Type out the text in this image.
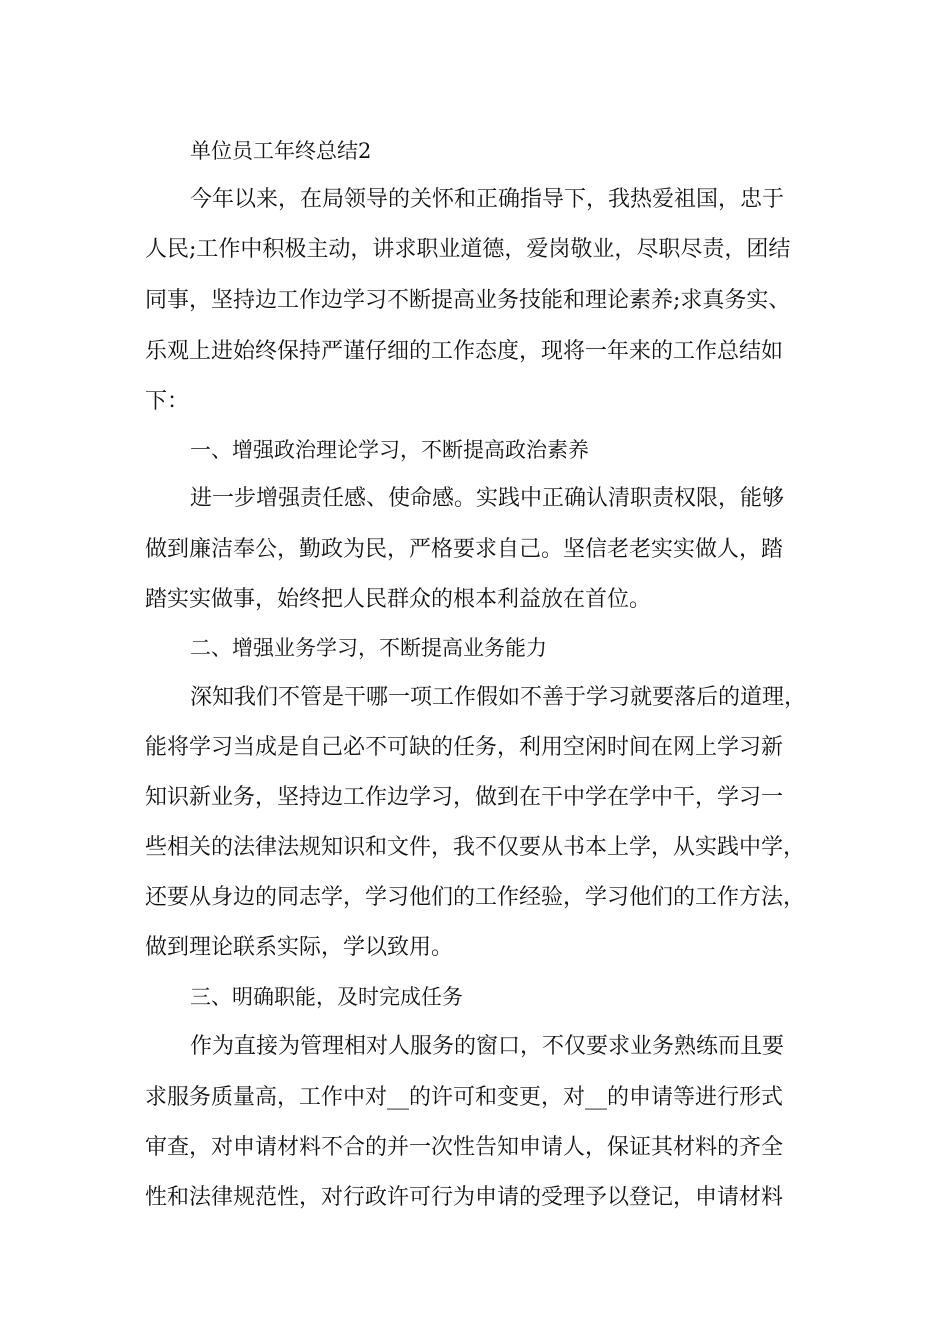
单位员工年终总结2
今年以来，在局领导的关怀和正确指导下，我热爱祖国，忠于
人民;工作中积极主动，讲求职业道德，爱岗敬业，尽职尽责，团结
同事，坚持边工作边学习不断提高业务技能和理论素养;求真务实、
乐观上进始终保持严谨仔细的工作态度，现将一年来的工作总结如
下：
一、增强政治理论学习，不断提高政治素养
进一步增强责任感、使命感。实践中正确认清职责权限，能够
做到廉洁奉公，勤政为民，严格要求自己。坚信老老实实做人，踏
踏实实做事，始终把人民群众的根本利益放在首位。
二、增强业务学习，不断提高业务能力
深知我们不管是干哪一项工作假如不善于学习就要落后的道理，
能将学习当成是自己必不可缺的任务，利用空闲时间在网上学习新
知识新业务，坚持边工作边学习，做到在干中学在学中干，学习一
些相关的法律法规知识和文件，我不仅要从书本上学，从实践中学，
还要从身边的同志学，学习他们的工作经验，学习他们的工作方法，
做到理论联系实际，学以致用。
三、明确职能，及时完成任务
作为直接为管理相对人服务的窗口，不仅要求业务熟练而且要
求服务质量高，工作中对__的许可和变更，对__的申请等进行形式
审查，对申请材料不合的并一次性告知申请人，保证其材料的齐全
性和法律规范性，对行政许可行为申请的受理予以登记，申请材料
